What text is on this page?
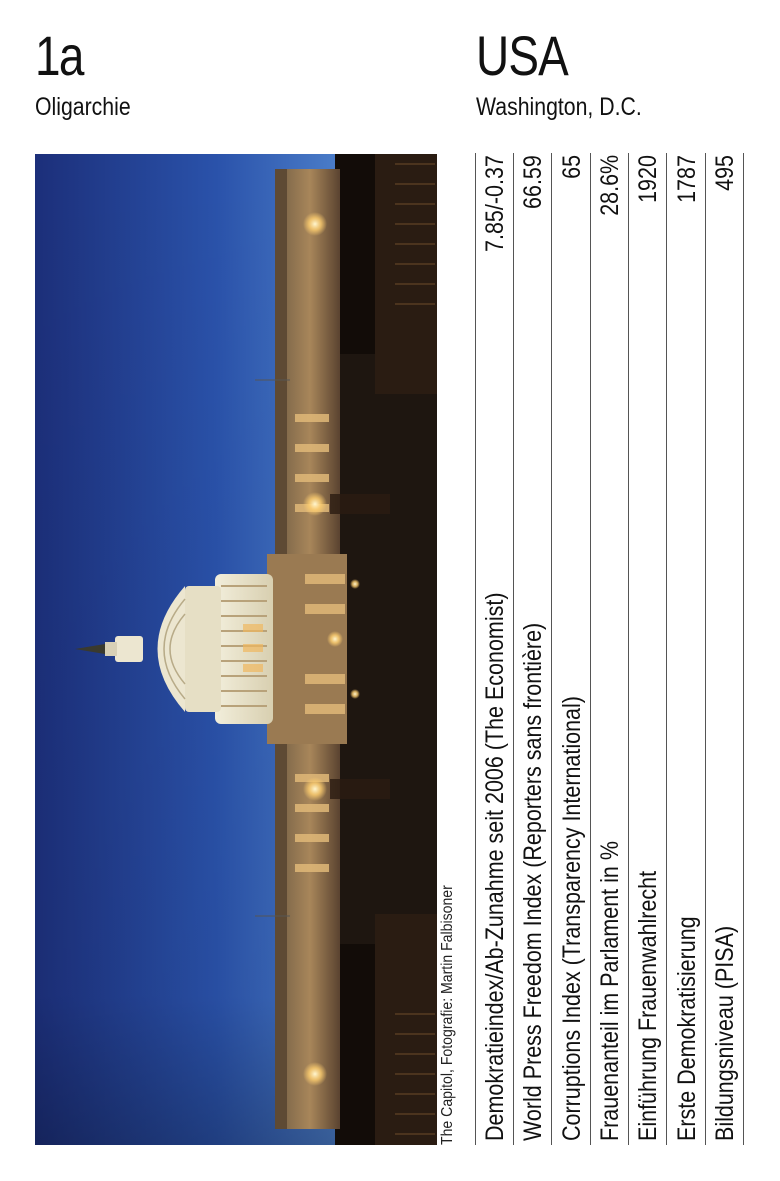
1a
Oligarchie
USA
Washington, D.C.
The Capitol, Fotografie: Martin Falbisoner Demokratieindex/Ab-Zunahme seit 2006 (The Economist)
7.85/-0.37
World Press Freedom Index (Reporters sans frontière)
66.59
Corruptions Index (Transparency International)
65
Frauenanteil im Parlament in %
28.6%
Einführung Frauenwahlrecht
1920
Erste Demokratisierung
1787
Bildungsniveau (PISA)
495
